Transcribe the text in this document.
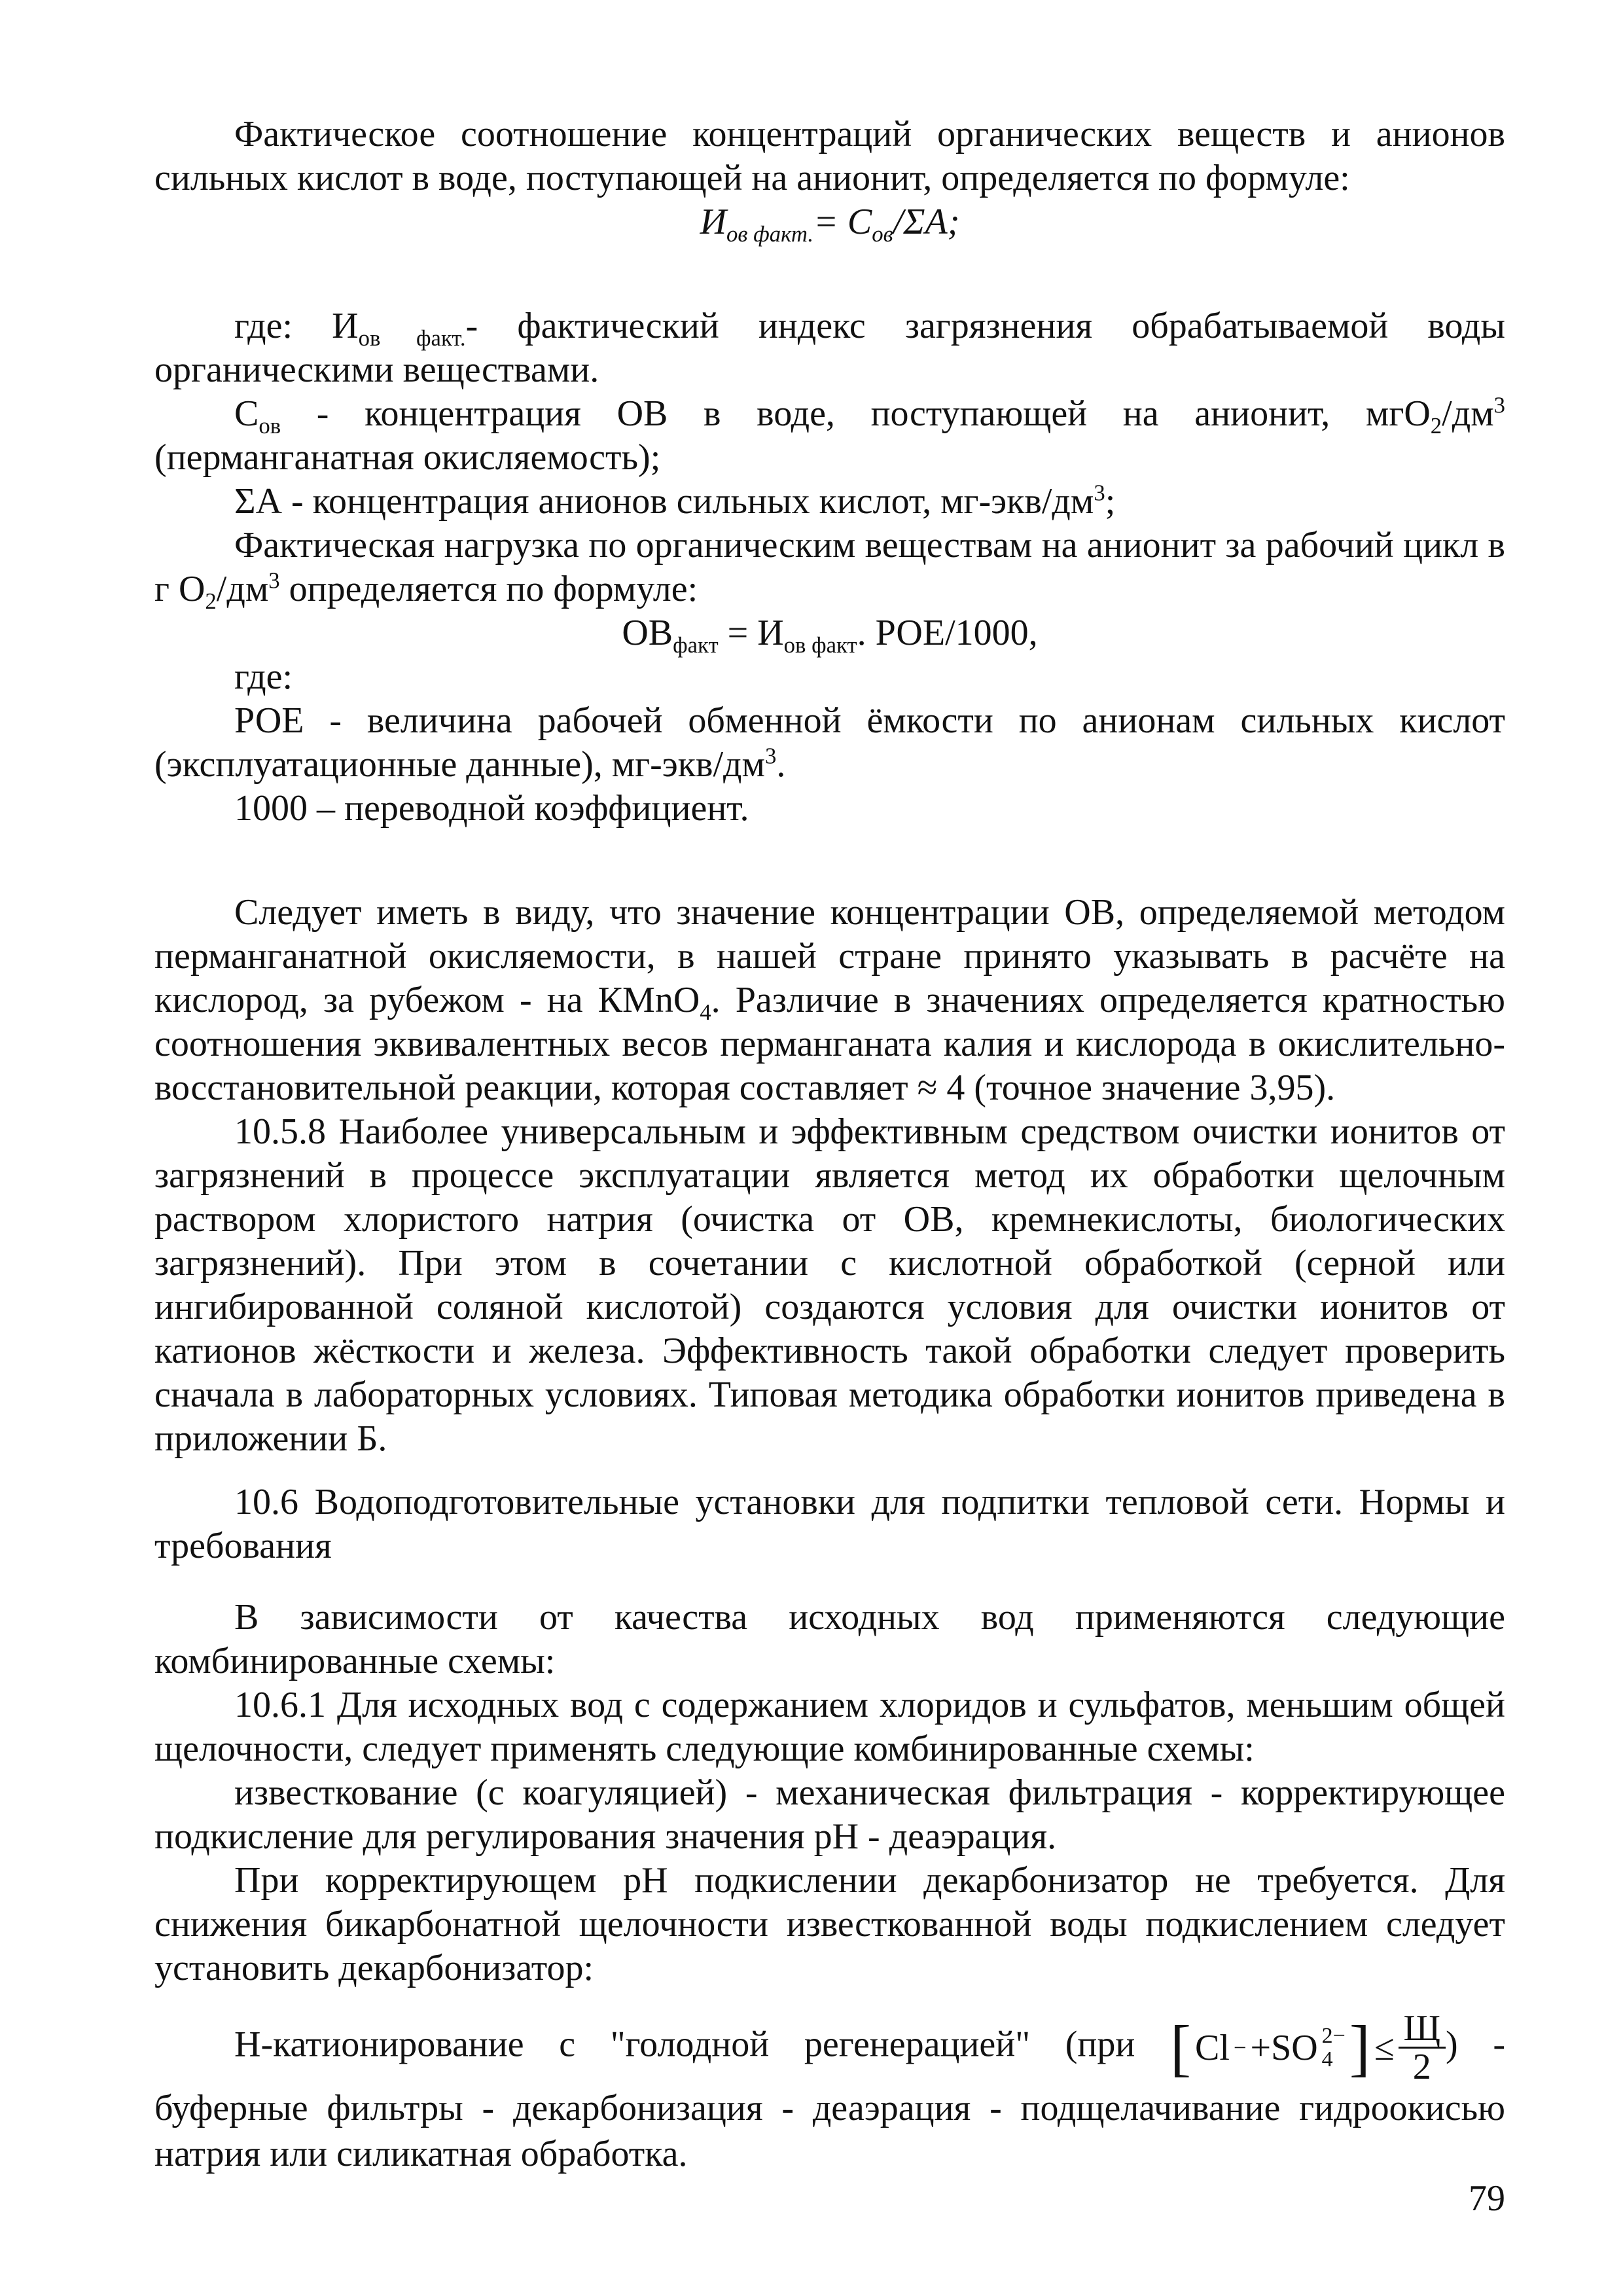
Фактическое соотношение концентраций органических веществ и анионов сильных кислот в воде, поступающей на анионит, определяется по формуле:

$И_{ов факт.}= С_{ов}/\Sigma А$;

где: $И_{ов факт.}-$ фактический индекс загрязнения обрабатываемой воды органическими веществами.

$С_{ов}$ - концентрация ОВ в воде, поступающей на анионит, $мгО_2/дм^3$ (перманганатная окисляемость);

ΣА - концентрация анионов сильных кислот, $мг-экв/дм^3$;

Фактическая нагрузка по органическим веществам на анионит за рабочий цикл в г $О_2/дм^3$ определяется по формуле:

$ОВ_{факт} = И_{ов факт}$. РОЕ/1000,

где:

РОЕ - величина рабочей обменной ёмкости по анионам сильных кислот (эксплуатационные данные), $мг-экв/дм^3$.

1000 – переводной коэффициент.

Следует иметь в виду, что значение концентрации ОВ, определяемой методом перманганатной окисляемости, в нашей стране принято указывать в расчёте на кислород, за рубежом - на КМnО$_4$. Различие в значениях определяется кратностью соотношения эквивалентных весов перманганата калия и кислорода в окислительно-восстановительной реакции, которая составляет ≈ 4 (точное значение 3,95).

10.5.8 Наиболее универсальным и эффективным средством очистки ионитов от загрязнений в процессе эксплуатации является метод их обработки щелочным раствором хлористого натрия (очистка от ОВ, кремнекислоты, биологических загрязнений). При этом в сочетании с кислотной обработкой (серной или ингибированной соляной кислотой) создаются условия для очистки ионитов от катионов жёсткости и железа. Эффективность такой обработки следует проверить сначала в лабораторных условиях. Типовая методика обработки ионитов приведена в приложении Б.

10.6 Водоподготовительные установки для подпитки тепловой сети. Нормы и требования

В зависимости от качества исходных вод применяются следующие комбинированные схемы:

10.6.1 Для исходных вод с содержанием хлоридов и сульфатов, меньшим общей щелочности, следует применять следующие комбинированные схемы:

известкование (с коагуляцией) - механическая фильтрация - корректирующее подкисление для регулирования значения pH - деаэрация.

При корректирующем pH подкислении декарбонизатор не требуется. Для снижения бикарбонатной щелочности известкованной воды подкислением следует установить декарбонизатор:

Н-катионирование с "голодной регенерацией" (при [ Cl − +SO 2−
4 ] ≤ $\frac{Щ}{2}$ ) - буферные фильтры - декарбонизация - деаэрация - подщелачивание гидроокисью натрия или силикатная обработка.

79
